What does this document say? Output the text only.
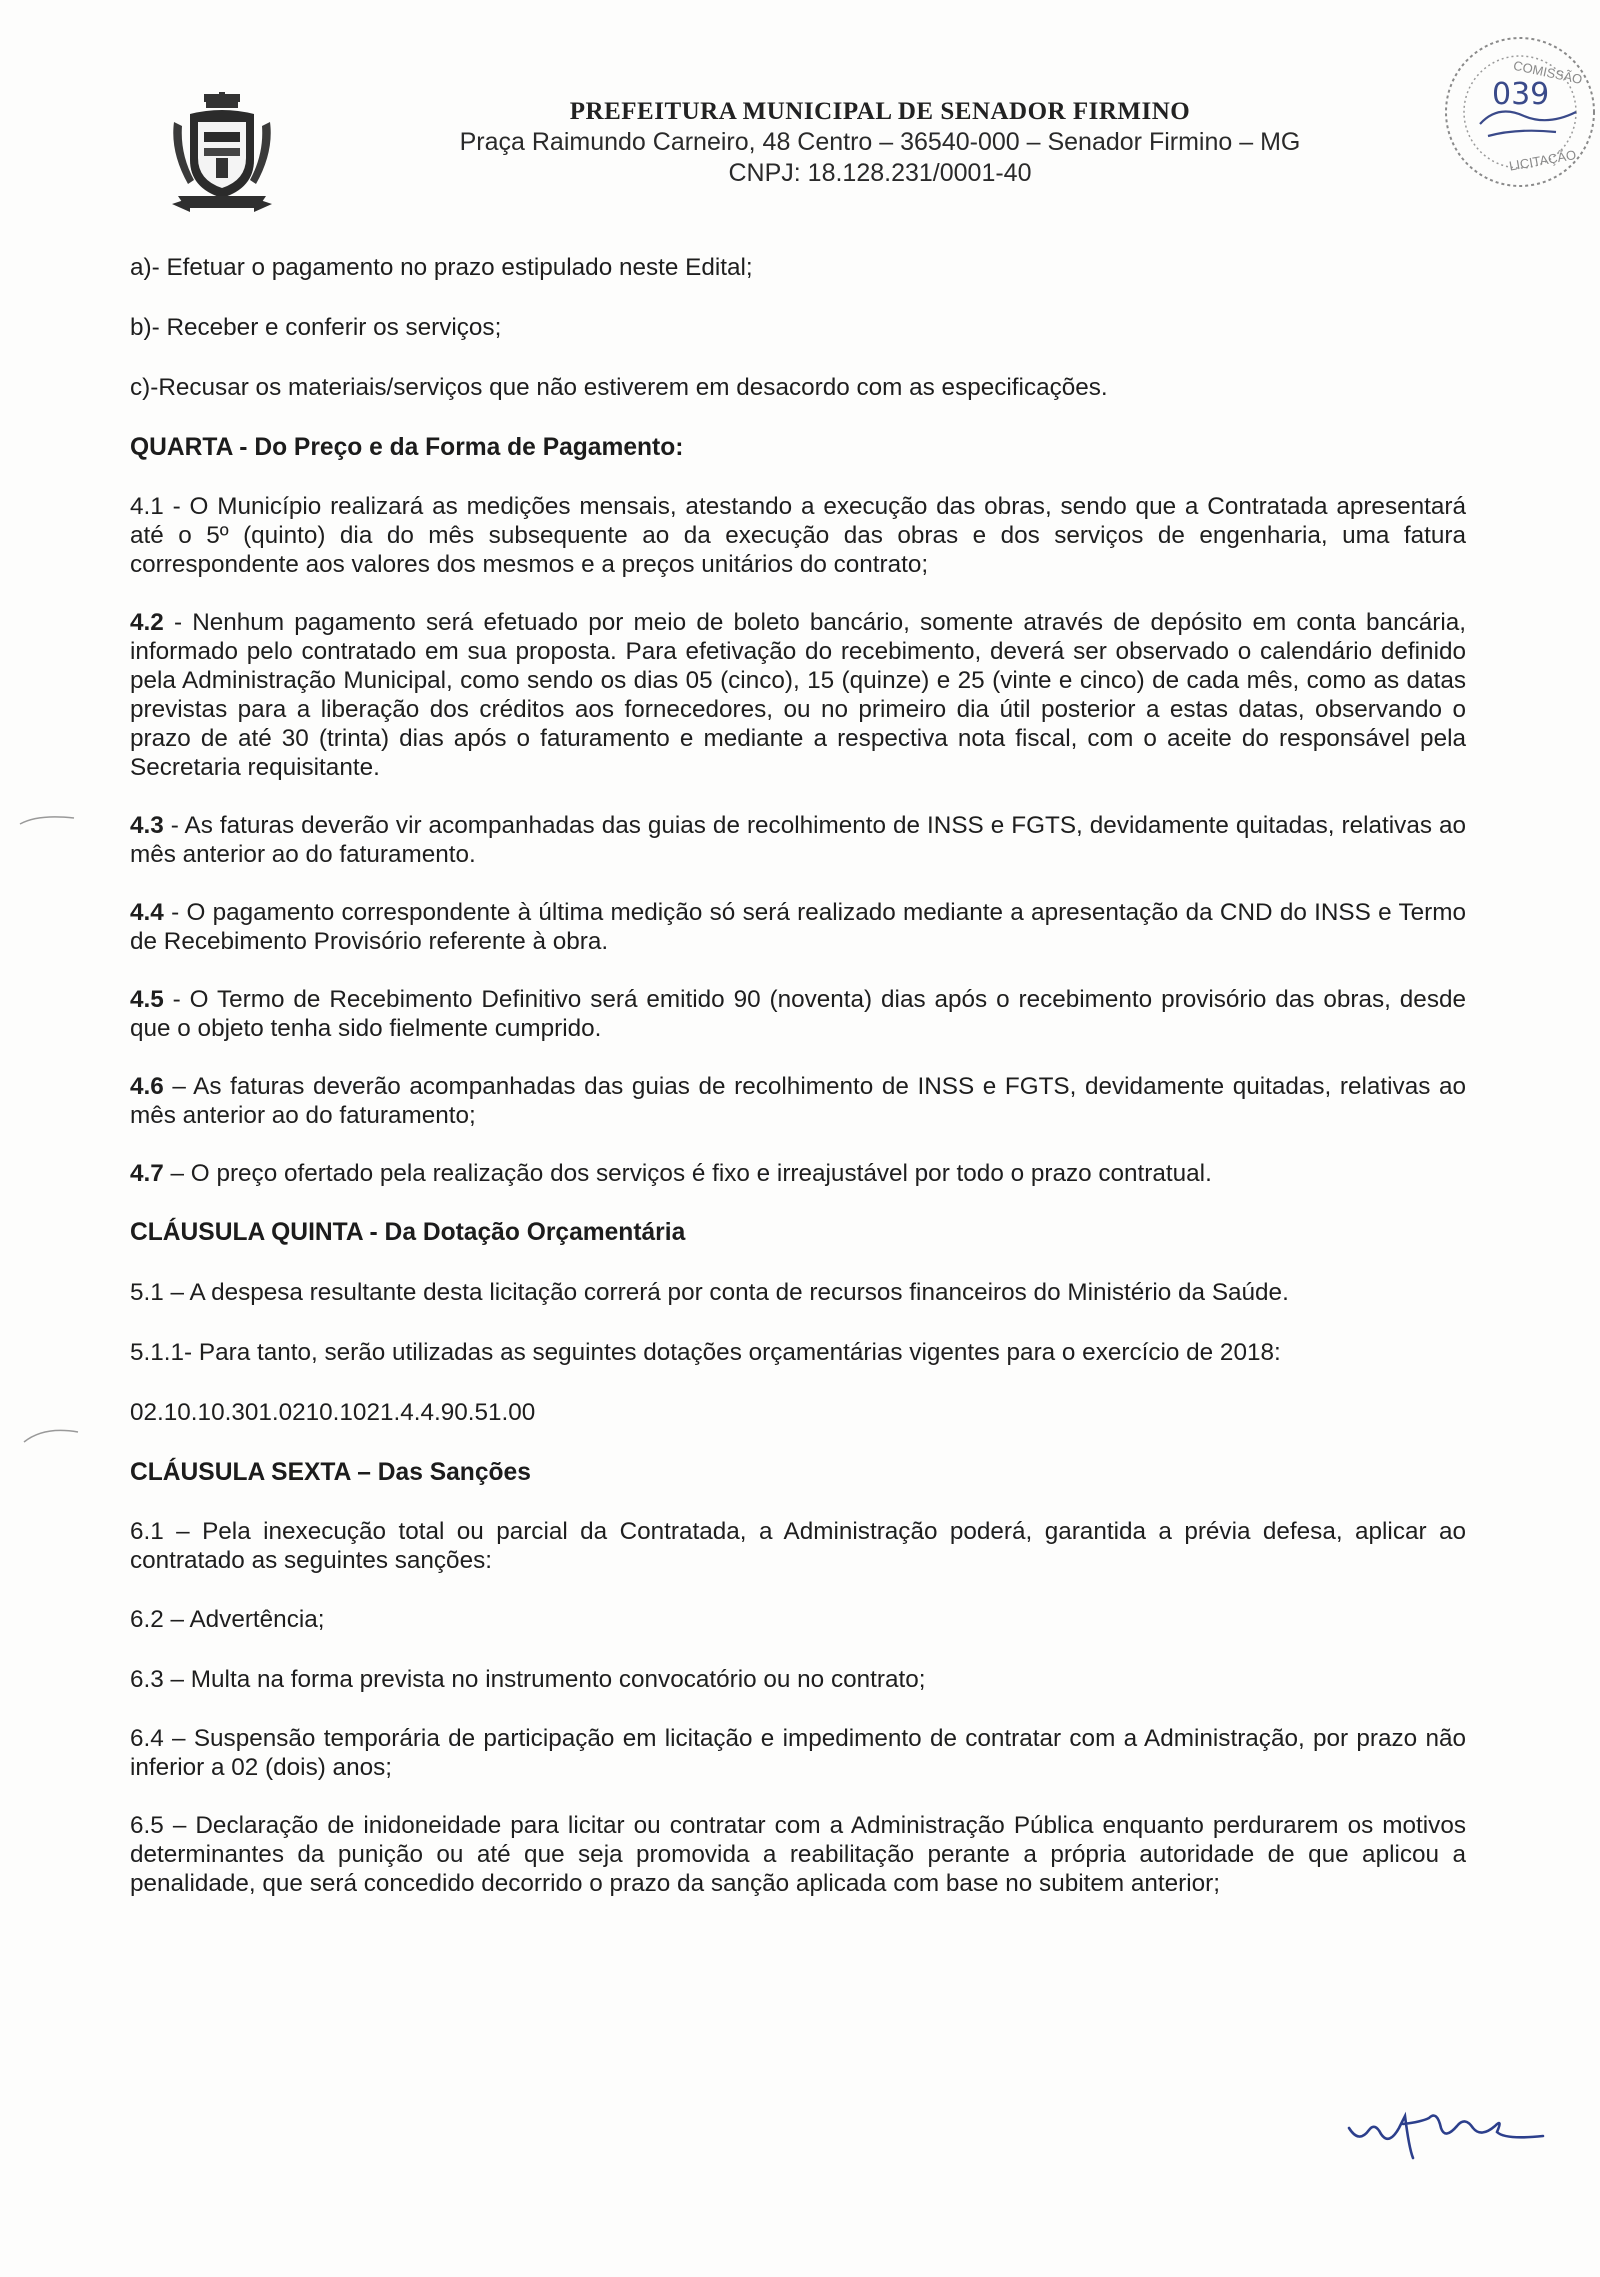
PREFEITURA MUNICIPAL DE SENADOR FIRMINO
Praça Raimundo Carneiro, 48 Centro – 36540-000 – Senador Firmino – MG
CNPJ: 18.128.231/0001-40
COMISSÃO
LICITAÇÃO
039

a)- Efetuar o pagamento no prazo estipulado neste Edital;

b)- Receber e conferir os serviços;

c)-Recusar os materiais/serviços que não estiverem em desacordo com as especificações.

QUARTA - Do Preço e da Forma de Pagamento:

4.1 - O Município realizará as medições mensais, atestando a execução das obras, sendo que a Contratada apresentará até o 5º (quinto) dia do mês subsequente ao da execução das obras e dos serviços de engenharia, uma fatura correspondente aos valores dos mesmos e a preços unitários do contrato;

4.2 - Nenhum pagamento será efetuado por meio de boleto bancário, somente através de depósito em conta bancária, informado pelo contratado em sua proposta. Para efetivação do recebimento, deverá ser observado o calendário definido pela Administração Municipal, como sendo os dias 05 (cinco), 15 (quinze) e 25 (vinte e cinco) de cada mês, como as datas previstas para a liberação dos créditos aos fornecedores, ou no primeiro dia útil posterior a estas datas, observando o prazo de até 30 (trinta) dias após o faturamento e mediante a respectiva nota fiscal, com o aceite do responsável pela Secretaria requisitante.

4.3 - As faturas deverão vir acompanhadas das guias de recolhimento de INSS e FGTS, devidamente quitadas, relativas ao mês anterior ao do faturamento.

4.4 - O pagamento correspondente à última medição só será realizado mediante a apresentação da CND do INSS e Termo de Recebimento Provisório referente à obra.

4.5 - O Termo de Recebimento Definitivo será emitido 90 (noventa) dias após o recebimento provisório das obras, desde que o objeto tenha sido fielmente cumprido.

4.6 – As faturas deverão acompanhadas das guias de recolhimento de INSS e FGTS, devidamente quitadas, relativas ao mês anterior ao do faturamento;

4.7 – O preço ofertado pela realização dos serviços é fixo e irreajustável por todo o prazo contratual.

CLÁUSULA QUINTA - Da Dotação Orçamentária

5.1 – A despesa resultante desta licitação correrá por conta de recursos financeiros do Ministério da Saúde.

5.1.1- Para tanto, serão utilizadas as seguintes dotações orçamentárias vigentes para o exercício de 2018:

02.10.10.301.0210.1021.4.4.90.51.00

CLÁUSULA SEXTA – Das Sanções

6.1 – Pela inexecução total ou parcial da Contratada, a Administração poderá, garantida a prévia defesa, aplicar ao contratado as seguintes sanções:

6.2 – Advertência;

6.3 – Multa na forma prevista no instrumento convocatório ou no contrato;

6.4 – Suspensão temporária de participação em licitação e impedimento de contratar com a Administração, por prazo não inferior a 02 (dois) anos;

6.5 – Declaração de inidoneidade para licitar ou contratar com a Administração Pública enquanto perdurarem os motivos determinantes da punição ou até que seja promovida a reabilitação perante a própria autoridade de que aplicou a penalidade, que será concedido decorrido o prazo da sanção aplicada com base no subitem anterior;
